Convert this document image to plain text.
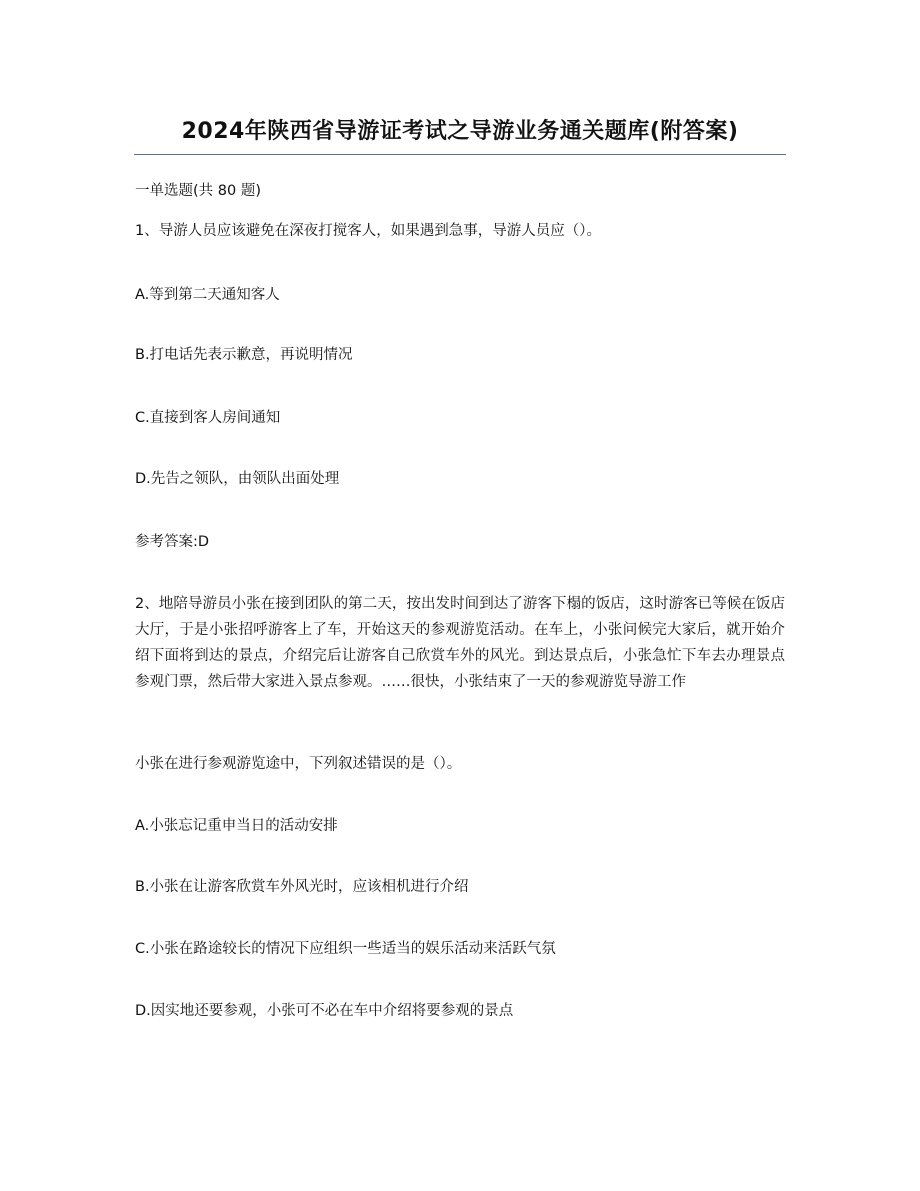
2024年陕西省导游证考试之导游业务通关题库(附答案)

一单选题(共 80 题)

1、导游人员应该避免在深夜打搅客人，如果遇到急事，导游人员应（）。

A.等到第二天通知客人

B.打电话先表示歉意，再说明情况

C.直接到客人房间通知

D.先告之领队，由领队出面处理

参考答案:D

2、地陪导游员小张在接到团队的第二天，按出发时间到达了游客下榻的饭店，这时游客已等候在饭店大厅，于是小张招呼游客上了车，开始这天的参观游览活动。在车上，小张问候完大家后，就开始介绍下面将到达的景点，介绍完后让游客自己欣赏车外的风光。到达景点后，小张急忙下车去办理景点参观门票，然后带大家进入景点参观。……很快，小张结束了一天的参观游览导游工作

小张在进行参观游览途中，下列叙述错误的是（）。

A.小张忘记重申当日的活动安排

B.小张在让游客欣赏车外风光时，应该相机进行介绍

C.小张在路途较长的情况下应组织一些适当的娱乐活动来活跃气氛

D.因实地还要参观，小张可不必在车中介绍将要参观的景点
